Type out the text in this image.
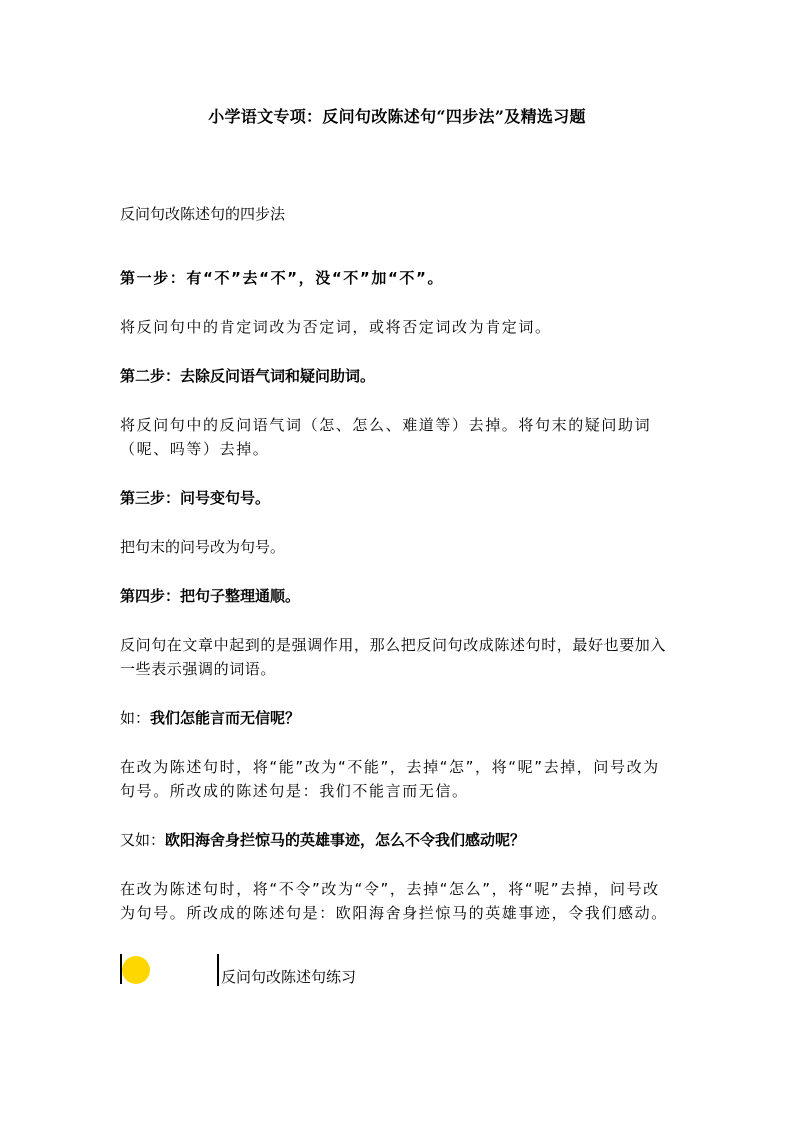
小学语文专项：反问句改陈述句“四步法”及精选习题

反问句改陈述句的四步法

第一步：有“不”去“不”，没“不”加“不”。

将反问句中的肯定词改为否定词，或将否定词改为肯定词。

第二步：去除反问语气词和疑问助词。

将反问句中的反问语气词（怎、怎么、难道等）去掉。将句末的疑问助词（呢、吗等）去掉。

第三步：问号变句号。

把句末的问号改为句号。

第四步：把句子整理通顺。

反问句在文章中起到的是强调作用，那么把反问句改成陈述句时，最好也要加入一些表示强调的词语。

如：我们怎能言而无信呢？

在改为陈述句时，将“能”改为“不能”，去掉“怎”，将“呢”去掉，问号改为句号。所改成的陈述句是：我们不能言而无信。

又如：欧阳海舍身拦惊马的英雄事迹，怎么不令我们感动呢？

在改为陈述句时，将“不令”改为“令”，去掉“怎么”，将“呢”去掉，问号改为句号。所改成的陈述句是：欧阳海舍身拦惊马的英雄事迹，令我们感动。

反问句改陈述句练习
